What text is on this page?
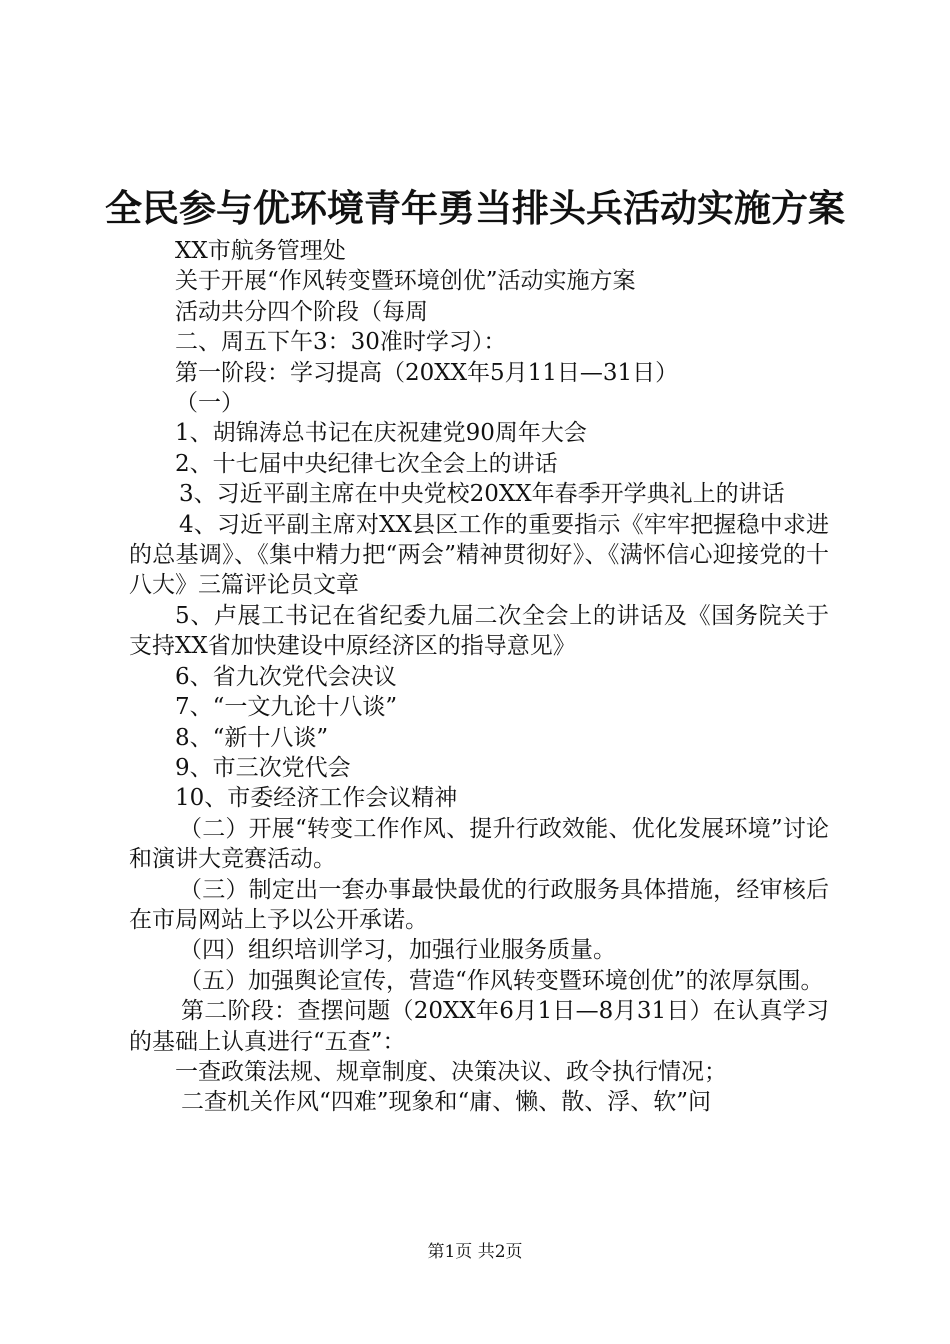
全民参与优环境青年勇当排头兵活动实施方案

XX市航务管理处

关于开展“作风转变暨环境创优”活动实施方案

活动共分四个阶段（每周

二、周五下午3：30准时学习）：

第一阶段：学习提高（20XX年5月11日—31日）

（一）

1、胡锦涛总书记在庆祝建党90周年大会

2、十七届中央纪律七次全会上的讲话

3、习近平副主席在中央党校20XX年春季开学典礼上的讲话

4、习近平副主席对XX县区工作的重要指示《牢牢把握稳中求进的总基调》、《集中精力把“两会”精神贯彻好》、《满怀信心迎接党的十八大》三篇评论员文章

5、卢展工书记在省纪委九届二次全会上的讲话及《国务院关于支持XX省加快建设中原经济区的指导意见》

6、省九次党代会决议

7、“一文九论十八谈”

8、“新十八谈”

9、市三次党代会

10、市委经济工作会议精神

（二）开展“转变工作作风、提升行政效能、优化发展环境”讨论和演讲大竞赛活动。

（三）制定出一套办事最快最优的行政服务具体措施，经审核后在市局网站上予以公开承诺。

（四）组织培训学习，加强行业服务质量。

（五）加强舆论宣传，营造“作风转变暨环境创优”的浓厚氛围。

第二阶段：查摆问题（20XX年6月1日—8月31日）在认真学习的基础上认真进行“五查”：

一查政策法规、规章制度、决策决议、政令执行情况；

二查机关作风“四难”现象和“庸、懒、散、浮、软”问

第1页 共2页
